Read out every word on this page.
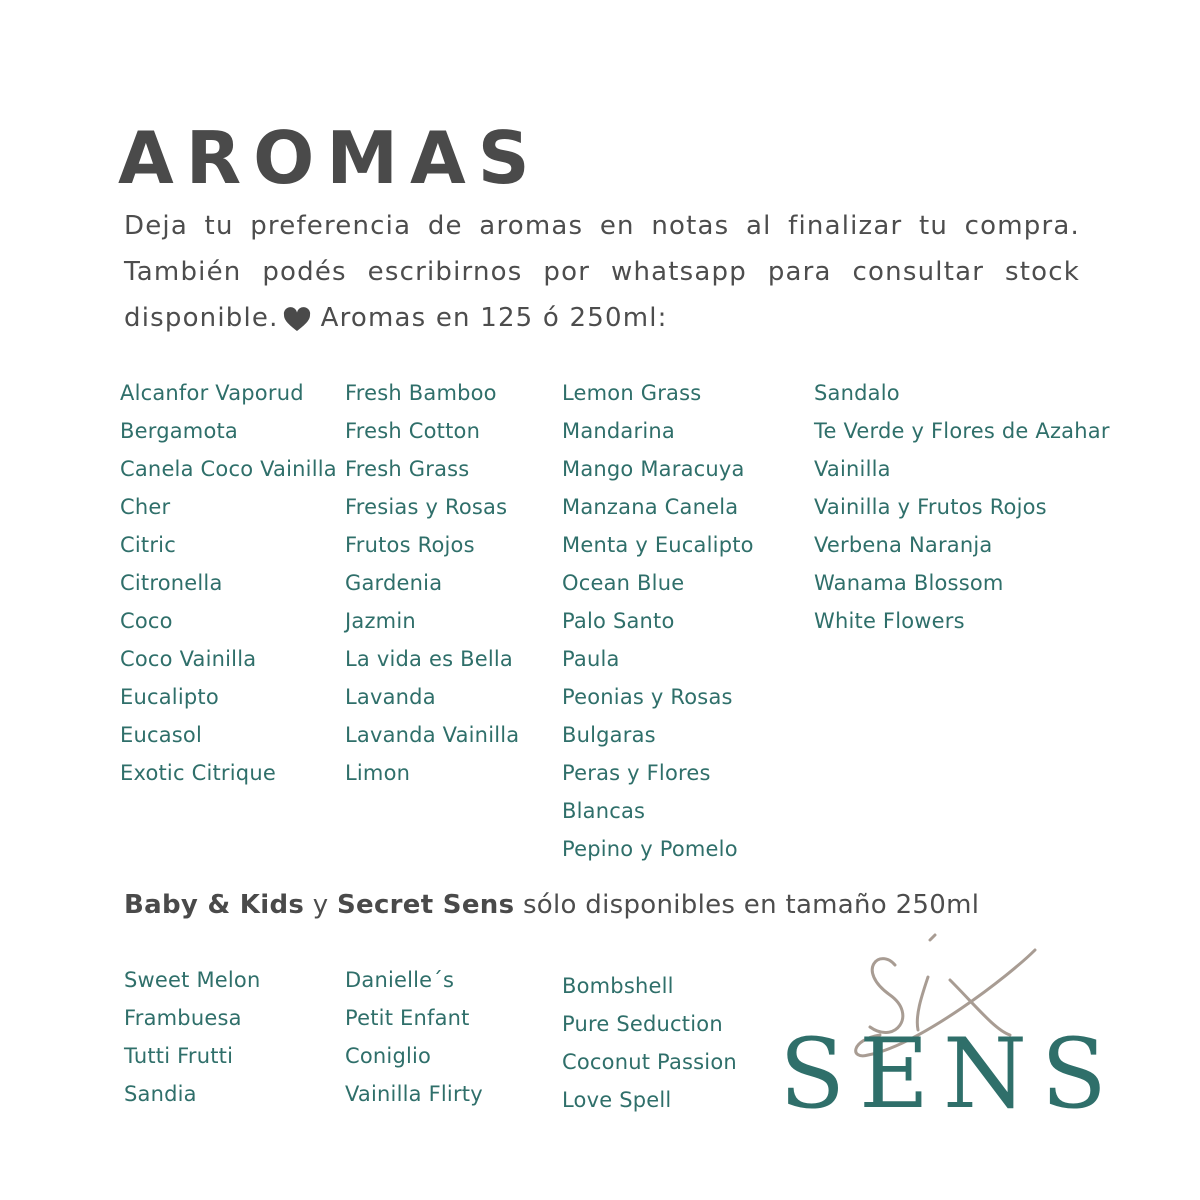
AROMAS

Deja tu preferencia de aromas en notas al finalizar tu compra. También podés escribirnos por whatsapp para consultar stock disponible. Aromas en 125 ó 250ml:

Alcanfor Vaporud
Bergamota
Canela Coco Vainilla
Cher
Citric
Citronella
Coco
Coco Vainilla
Eucalipto
Eucasol
Exotic Citrique
Fresh Bamboo
Fresh Cotton
Fresh Grass
Fresias y Rosas
Frutos Rojos
Gardenia
Jazmin
La vida es Bella
Lavanda
Lavanda Vainilla
Limon
Lemon Grass
Mandarina
Mango Maracuya
Manzana Canela
Menta y Eucalipto
Ocean Blue
Palo Santo
Paula
Peonias y Rosas
Bulgaras
Peras y Flores
Blancas
Pepino y Pomelo
Sandalo
Te Verde y Flores de Azahar
Vainilla
Vainilla y Frutos Rojos
Verbena Naranja
Wanama Blossom
White Flowers

Baby & Kids y Secret Sens sólo disponibles en tamaño 250ml

Sweet Melon
Frambuesa
Tutti Frutti
Sandia
Danielle´s
Petit Enfant
Coniglio
Vainilla Flirty
Bombshell
Pure Seduction
Coconut Passion
Love Spell
Six
SENS
